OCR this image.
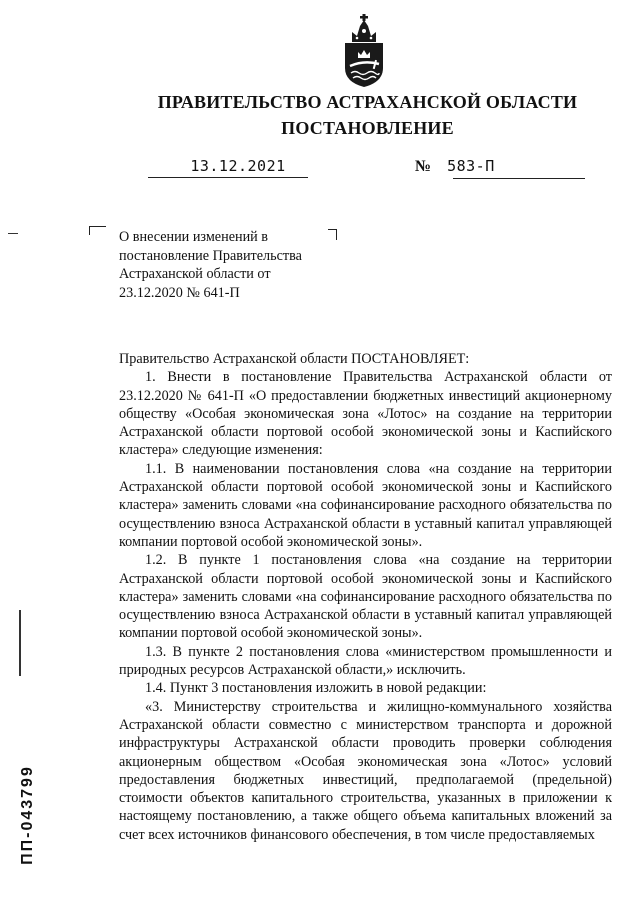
ПРАВИТЕЛЬСТВО АСТРАХАНСКОЙ ОБЛАСТИ
ПОСТАНОВЛЕНИЕ
13.12.2021	№ 583-П

О внесении изменений в постановление Правительства Астраханской области от 23.12.2020 № 641-П

Правительство Астраханской области ПОСТАНОВЛЯЕТ:

1. Внести в постановление Правительства Астраханской области от 23.12.2020 № 641-П «О предоставлении бюджетных инвестиций акционерному обществу «Особая экономическая зона «Лотос» на создание на территории Астраханской области портовой особой экономической зоны и Каспийского кластера» следующие изменения:

1.1. В наименовании постановления слова «на создание на территории Астраханской области портовой особой экономической зоны и Каспийского кластера» заменить словами «на софинансирование расходного обязательства по осуществлению взноса Астраханской области в уставный капитал управляющей компании портовой особой экономической зоны».

1.2. В пункте 1 постановления слова «на создание на территории Астраханской области портовой особой экономической зоны и Каспийского кластера» заменить словами «на софинансирование расходного обязательства по осуществлению взноса Астраханской области в уставный капитал управляющей компании портовой особой экономической зоны».

1.3. В пункте 2 постановления слова «министерством промышленности и природных ресурсов Астраханской области,» исключить.

1.4. Пункт 3 постановления изложить в новой редакции:

«3. Министерству строительства и жилищно-коммунального хозяйства Астраханской области совместно с министерством транспорта и дорожной инфраструктуры Астраханской области проводить проверки соблюдения акционерным обществом «Особая экономическая зона «Лотос» условий предоставления бюджетных инвестиций, предполагаемой (предельной) стоимости объектов капитального строительства, указанных в приложении к настоящему постановлению, а также общего объема капитальных вложений за счет всех источников финансового обеспечения, в том числе предоставляемых

ПП-043799
